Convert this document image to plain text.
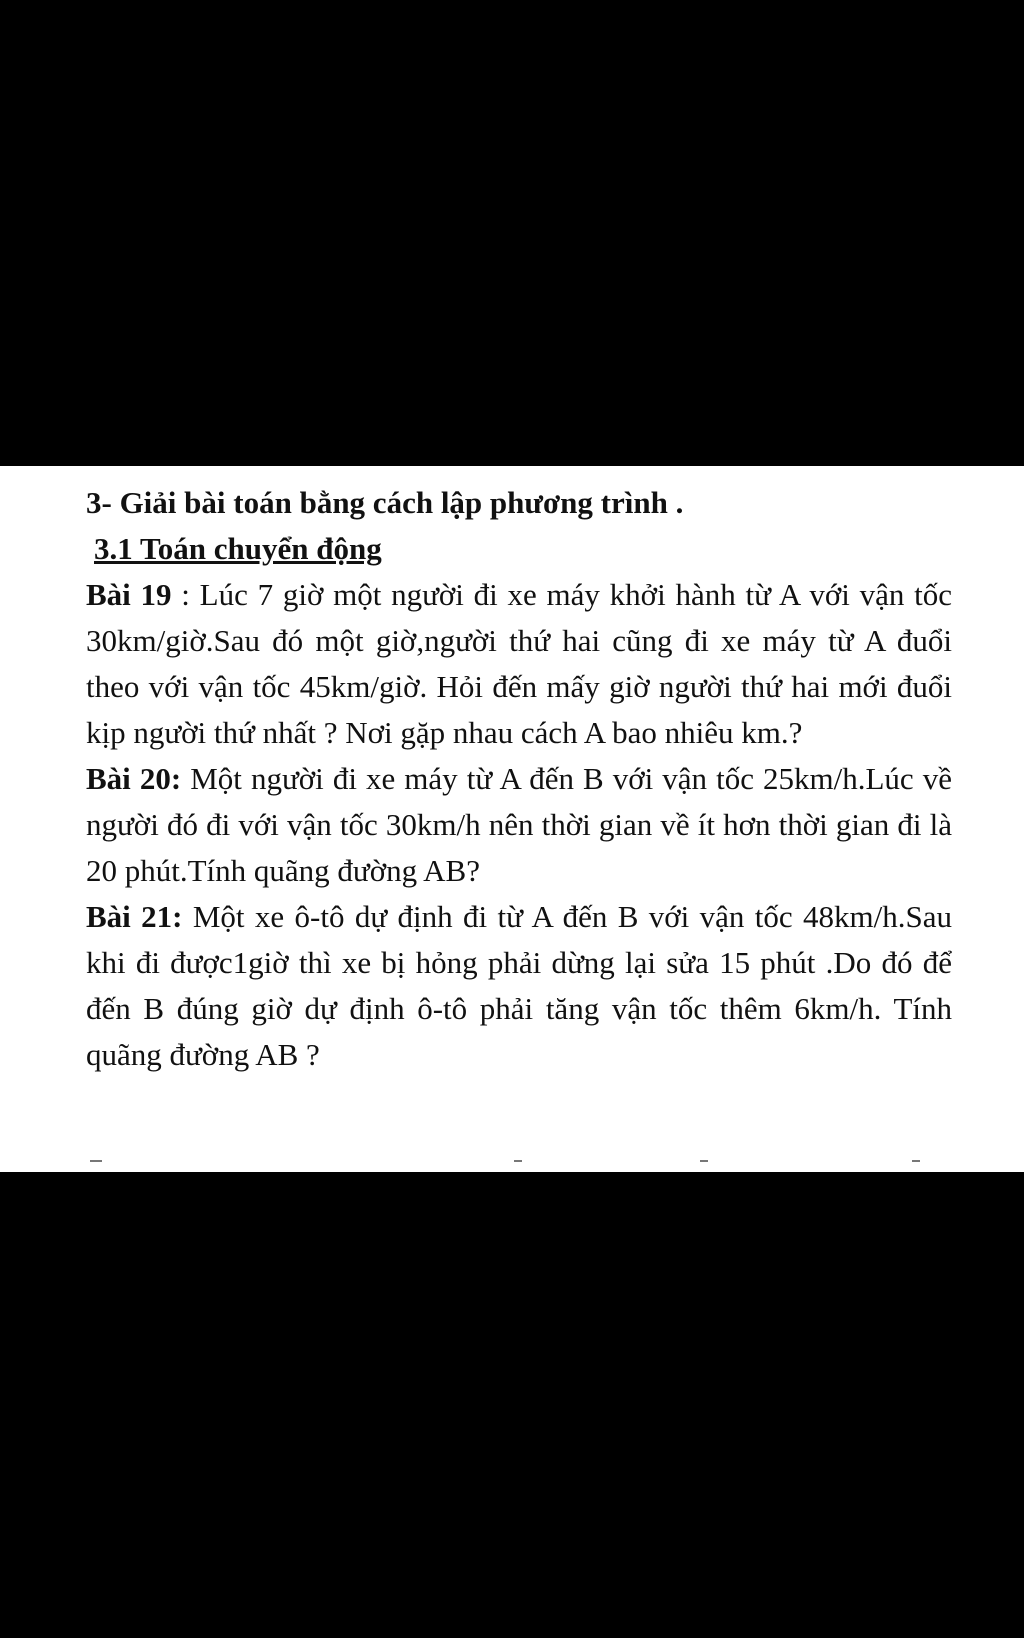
3- Giải bài toán bằng cách lập phương trình .
3.1 Toán chuyển động

Bài 19 : Lúc 7 giờ một người đi xe máy khởi hành từ A với vận tốc 30km/giờ.Sau đó một giờ,người thứ hai cũng đi xe máy từ A đuổi theo với vận tốc 45km/giờ. Hỏi đến mấy giờ người thứ hai mới đuổi kịp người thứ nhất ? Nơi gặp nhau cách A bao nhiêu km.?

Bài 20: Một người đi xe máy từ A đến B với vận tốc 25km/h.Lúc về người đó đi với vận tốc 30km/h nên thời gian về ít hơn thời gian đi là 20 phút.Tính quãng đường AB?

Bài 21: Một xe ô-tô dự định đi từ A đến B với vận tốc 48km/h.Sau khi đi được1giờ thì xe bị hỏng phải dừng lại sửa 15 phút .Do đó để đến B đúng giờ dự định ô-tô phải tăng vận tốc thêm 6km/h. Tính quãng đường AB ?
